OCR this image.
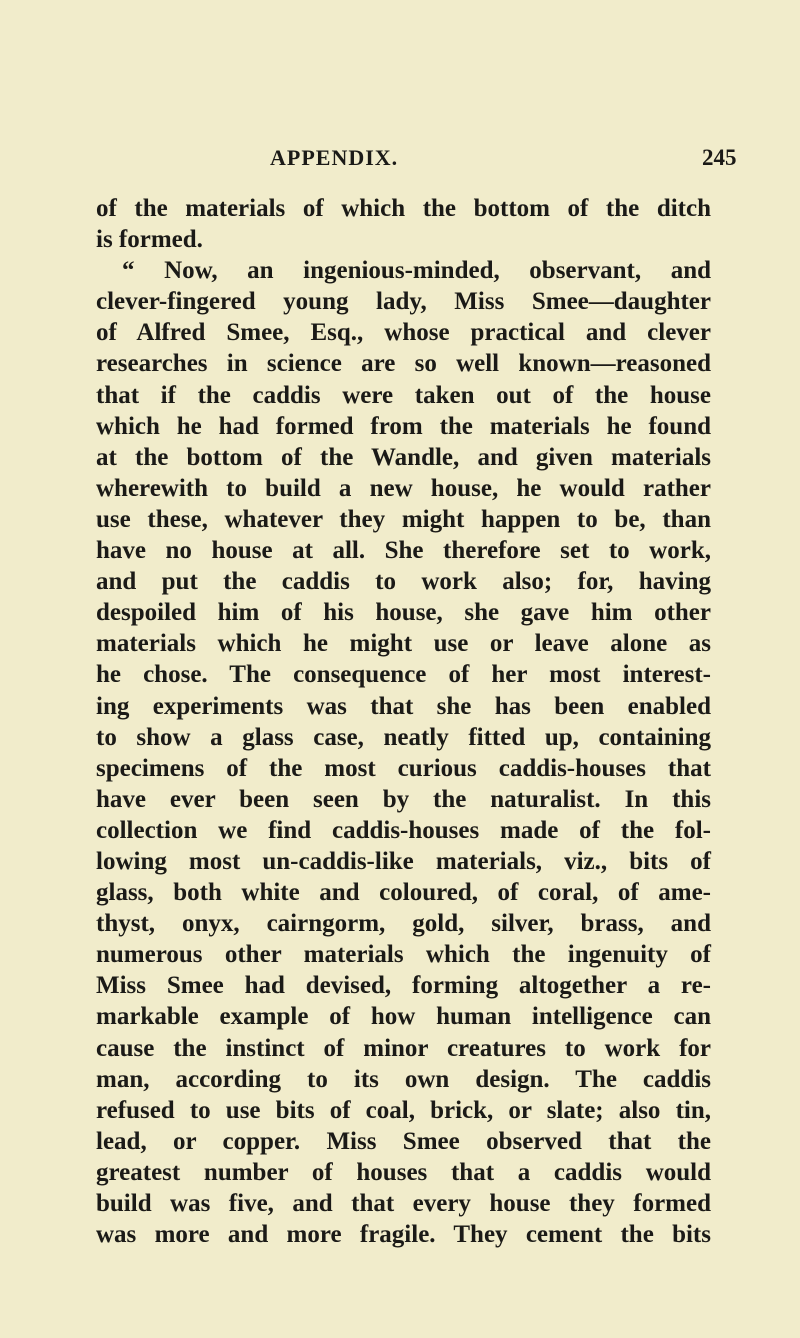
APPENDIX.	245
of the materials of which the bottom of the ditch
is formed.
“ Now, an ingenious-minded, observant, and
clever-fingered young lady, Miss Smee—daughter
of Alfred Smee, Esq., whose practical and clever
researches in science are so well known—reasoned
that if the caddis were taken out of the house
which he had formed from the materials he found
at the bottom of the Wandle, and given materials
wherewith to build a new house, he would rather
use these, whatever they might happen to be, than
have no house at all. She therefore set to work,
and put the caddis to work also; for, having
despoiled him of his house, she gave him other
materials which he might use or leave alone as
he chose. The consequence of her most interest-
ing experiments was that she has been enabled
to show a glass case, neatly fitted up, containing
specimens of the most curious caddis-houses that
have ever been seen by the naturalist. In this
collection we find caddis-houses made of the fol-
lowing most un-caddis-like materials, viz., bits of
glass, both white and coloured, of coral, of ame-
thyst, onyx, cairngorm, gold, silver, brass, and
numerous other materials which the ingenuity of
Miss Smee had devised, forming altogether a re-
markable example of how human intelligence can
cause the instinct of minor creatures to work for
man, according to its own design. The caddis
refused to use bits of coal, brick, or slate; also tin,
lead, or copper. Miss Smee observed that the
greatest number of houses that a caddis would
build was five, and that every house they formed
was more and more fragile. They cement the bits
